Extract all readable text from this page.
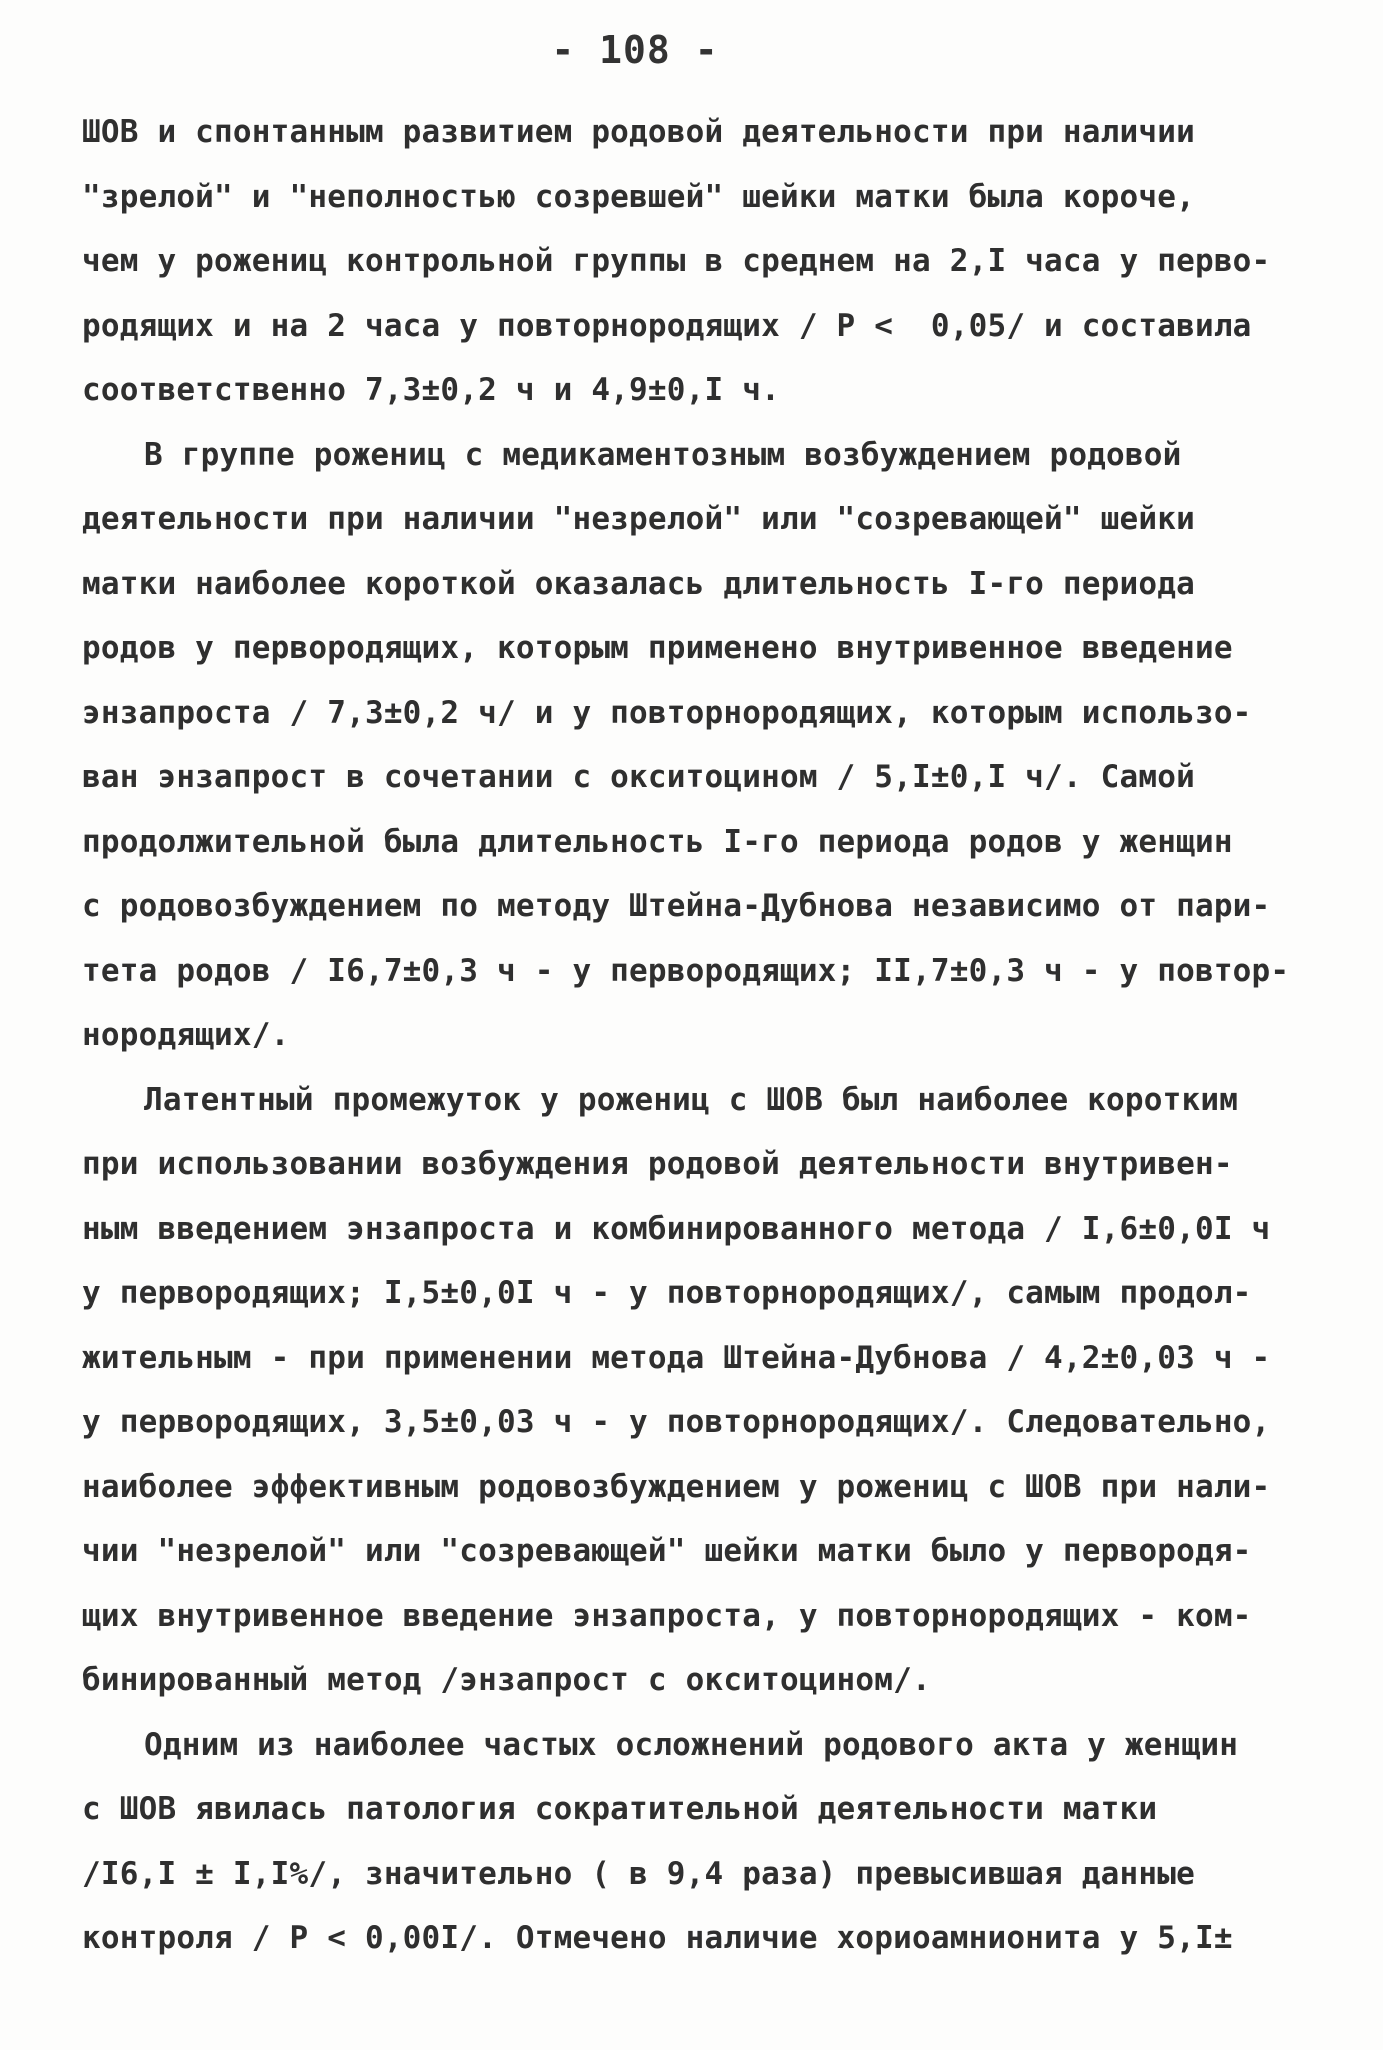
- 108 -
ШОВ и спонтанным развитием родовой деятельности при наличии
"зрелой" и "неполностью созревшей" шейки матки была короче,
чем у рожениц контрольной группы в среднем на 2,I часа у перво-
родящих и на 2 часа у повторнородящих / P <  0,05/ и составила
соответственно 7,3±0,2 ч и 4,9±0,I ч.
В группе рожениц с медикаментозным возбуждением родовой
деятельности при наличии "незрелой" или "созревающей" шейки
матки наиболее короткой оказалась длительность I-го периода
родов у первородящих, которым применено внутривенное введение
энзапроста / 7,3±0,2 ч/ и у повторнородящих, которым использо-
ван энзапрост в сочетании с окситоцином / 5,I±0,I ч/. Самой
продолжительной была длительность I-го периода родов у женщин
с родовозбуждением по методу Штейна-Дубнова независимо от пари-
тета родов / I6,7±0,3 ч - у первородящих; II,7±0,3 ч - у повтор-
нородящих/.
Латентный промежуток у рожениц с ШОВ был наиболее коротким
при использовании возбуждения родовой деятельности внутривен-
ным введением энзапроста и комбинированного метода / I,6±0,0I ч
у первородящих; I,5±0,0I ч - у повторнородящих/, самым продол-
жительным - при применении метода Штейна-Дубнова / 4,2±0,03 ч -
у первородящих, 3,5±0,03 ч - у повторнородящих/. Следовательно,
наиболее эффективным родовозбуждением у рожениц с ШОВ при нали-
чии "незрелой" или "созревающей" шейки матки было у первородя-
щих внутривенное введение энзапроста, у повторнородящих - ком-
бинированный метод /энзапрост с окситоцином/.
Одним из наиболее частых осложнений родового акта у женщин
с ШОВ явилась патология сократительной деятельности матки
/I6,I ± I,I%/, значительно ( в 9,4 раза) превысившая данные
контроля / P < 0,00I/. Отмечено наличие хориоамнионита у 5,I±
